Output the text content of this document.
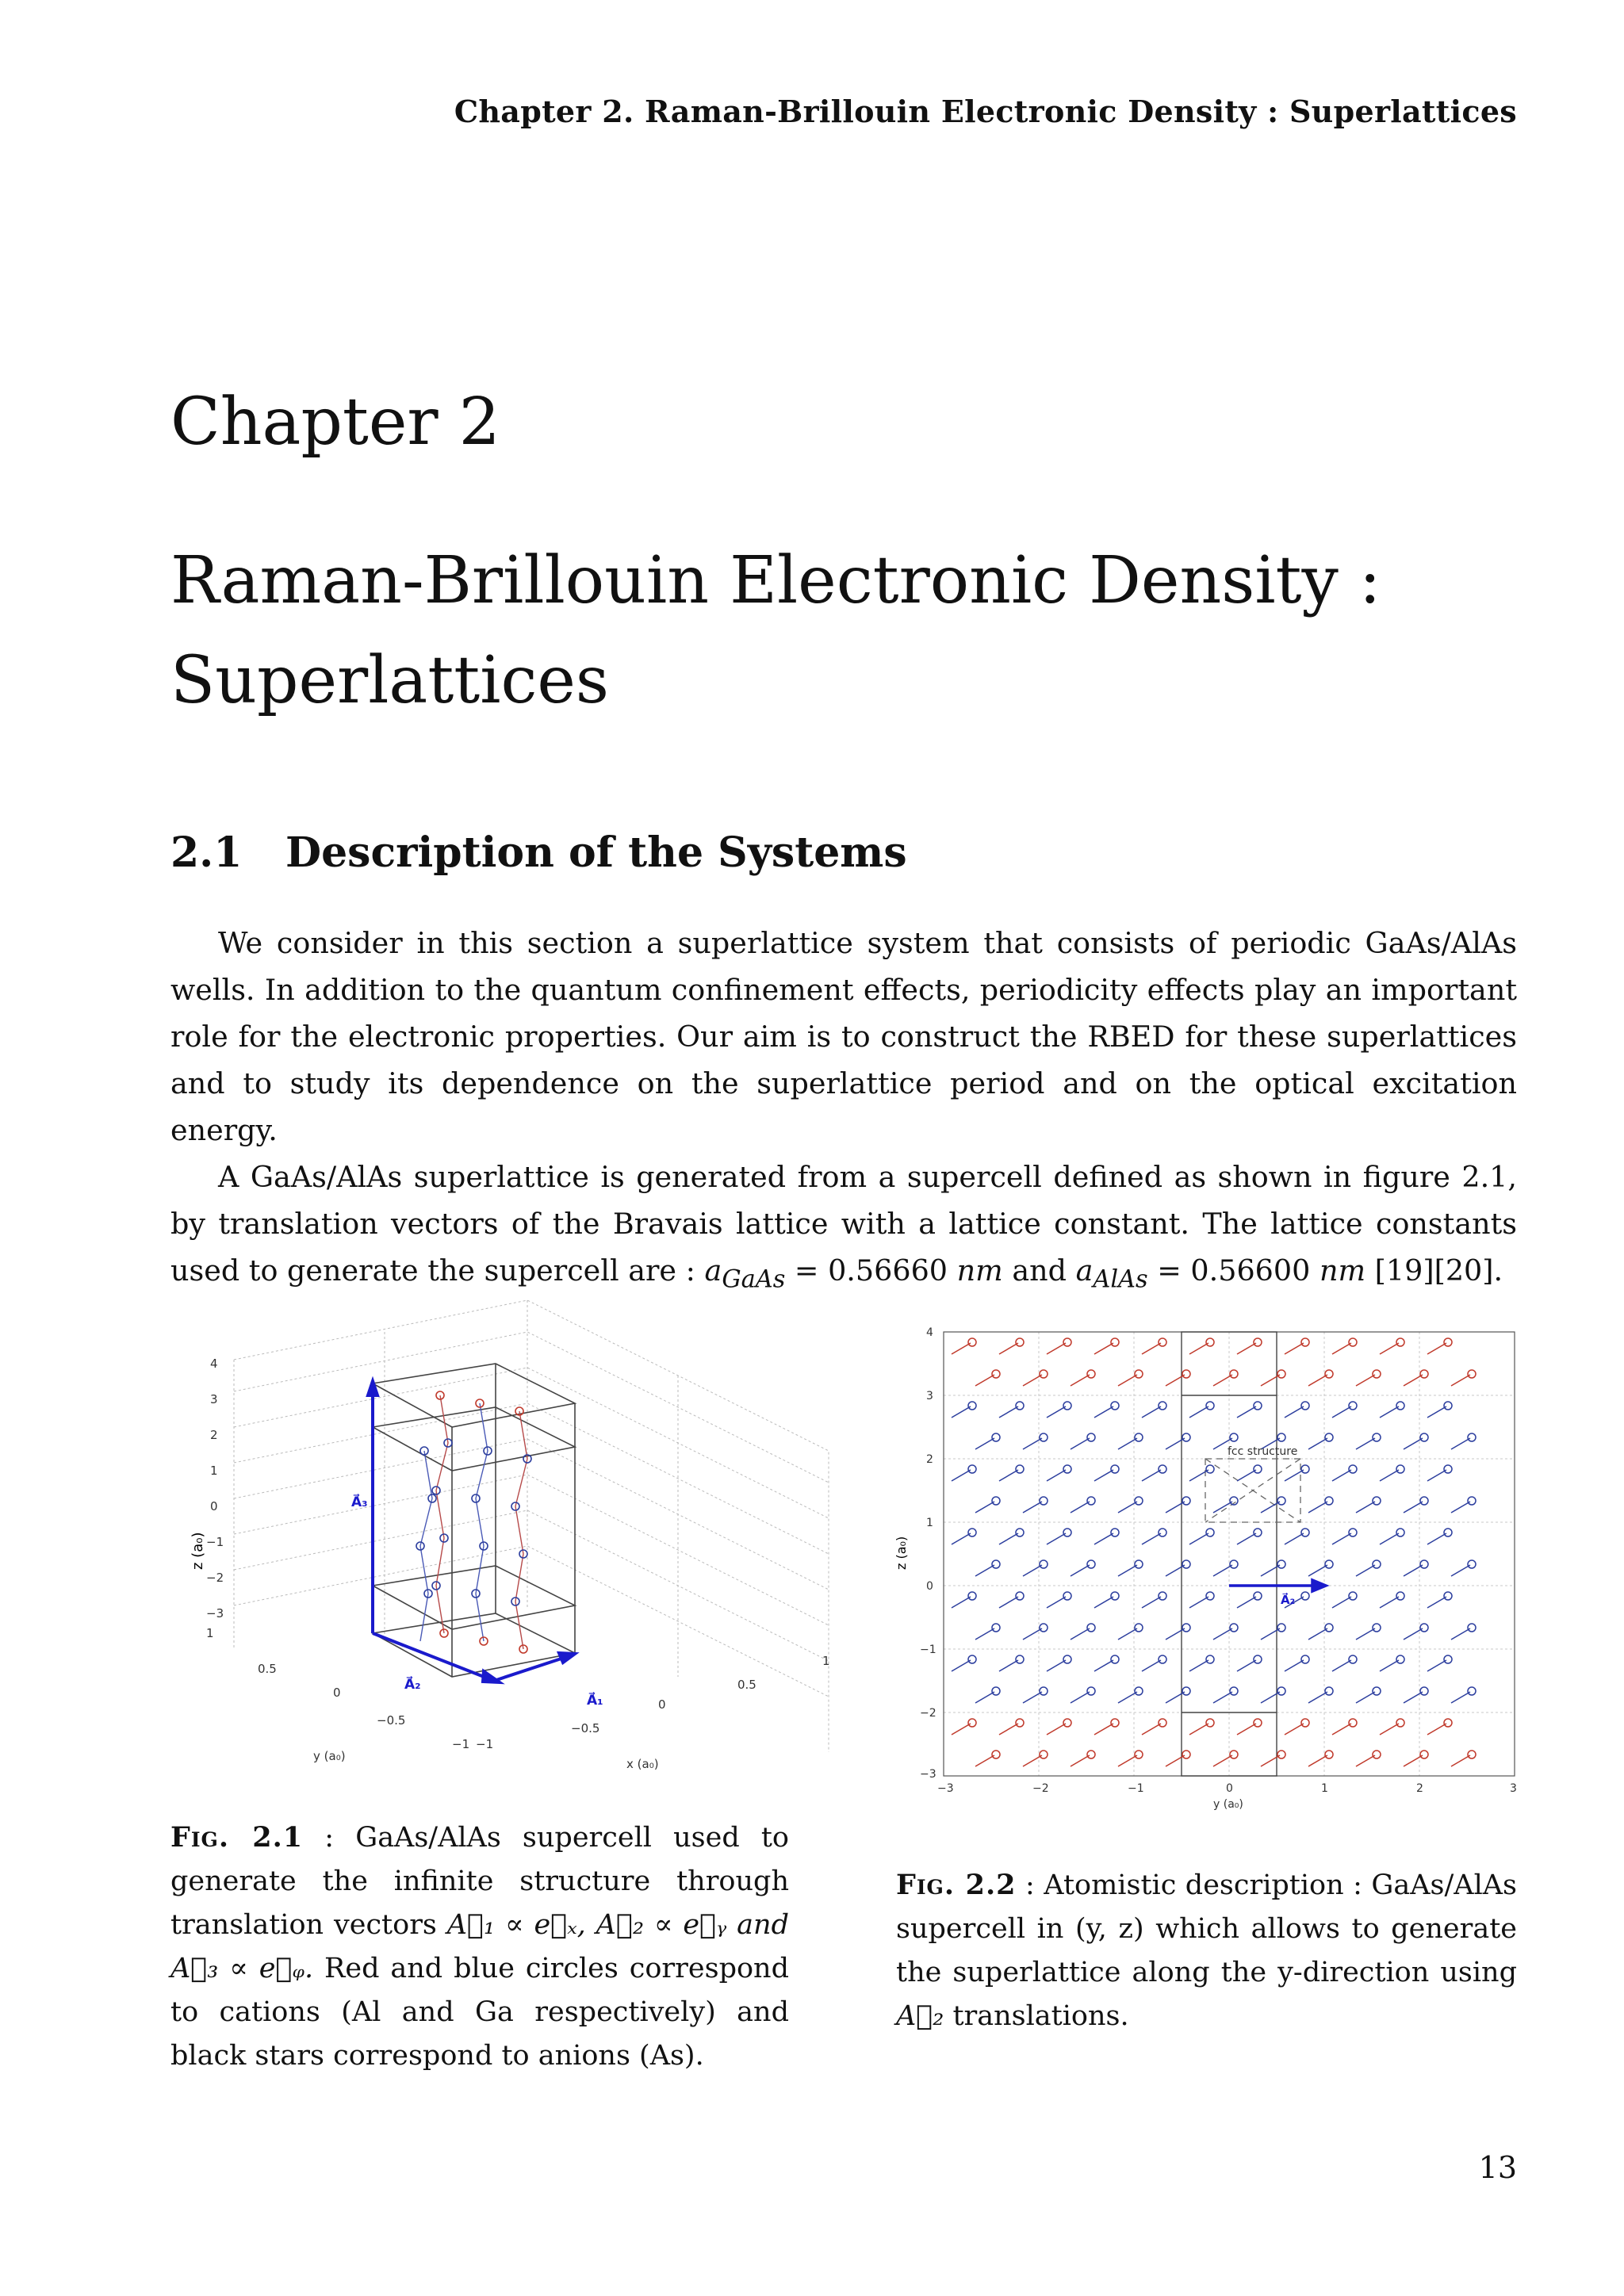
Chapter 2. Raman-Brillouin Electronic Density : Superlattices
Chapter 2
Raman-Brillouin Electronic Density :
Superlattices
2.1 Description of the Systems

We consider in this section a superlattice system that consists of periodic GaAs/AlAs wells. In addition to the quantum confinement effects, periodicity effects play an important role for the electronic properties. Our aim is to construct the RBED for these superlattices and to study its dependence on the superlattice period and on the optical excitation energy.

A GaAs/AlAs superlattice is generated from a supercell defined as shown in figure 2.1, by translation vectors of the Bravais lattice with a lattice constant. The lattice constants used to generate the supercell are : $a_{GaAs} = 0.56660$ nm and $a_{AlAs} = 0.56600$ nm [19][20].

z (a₀)
4
3
2
1
0
−1
−2
−3
1
0.5
0
−0.5
−1 −1
−0.5
0
0.5
1
y (a₀)
x (a₀)
A⃗₃
A⃗₂
A⃗₁
z (a₀)
4
3
2
1
0
−1
−2
−3
−3	−2	−1	0	1	2	3
y (a₀)
fcc structure
A⃗₂
Fig. 2.1 : GaAs/AlAs supercell used to generate the infinite structure through translation vectors A⃗₁ ∝ e⃗ₓ, A⃗₂ ∝ e⃗ᵧ and A⃗₃ ∝ e⃗ᵩ. Red and blue circles correspond to cations (Al and Ga respectively) and black stars correspond to anions (As).
Fig. 2.2 : Atomistic description : GaAs/AlAs supercell in (y, z) which allows to generate the superlattice along the y-direction using A⃗₂ translations.
13
